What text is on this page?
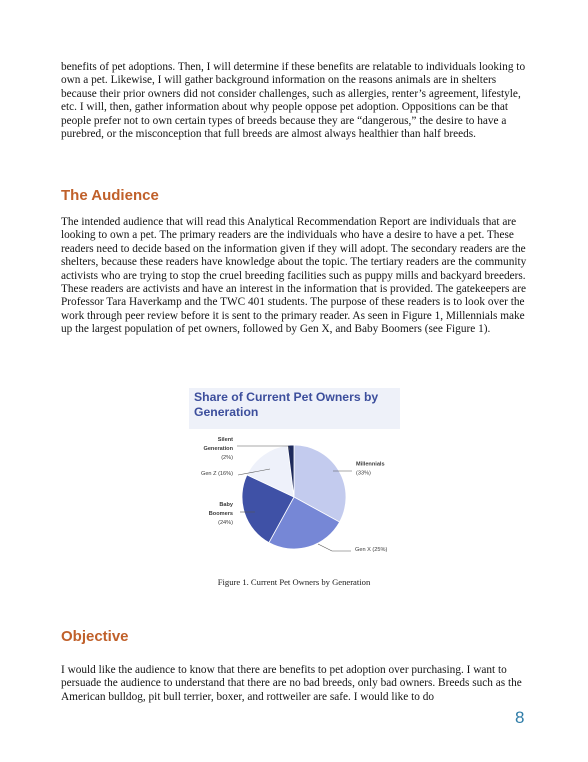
benefits of pet adoptions. Then, I will determine if these benefits are relatable to individuals looking to own a pet. Likewise, I will gather background information on the reasons animals are in shelters because their prior owners did not consider challenges, such as allergies, renter’s agreement, lifestyle, etc. I will, then, gather information about why people oppose pet adoption. Oppositions can be that people prefer not to own certain types of breeds because they are “dangerous,” the desire to have a purebred, or the misconception that full breeds are almost always healthier than half breeds.

The Audience

The intended audience that will read this Analytical Recommendation Report are individuals that are looking to own a pet. The primary readers are the individuals who have a desire to have a pet. These readers need to decide based on the information given if they will adopt. The secondary readers are the shelters, because these readers have knowledge about the topic. The tertiary readers are the community activists who are trying to stop the cruel breeding facilities such as puppy mills and backyard breeders. These readers are activists and have an interest in the information that is provided. The gatekeepers are Professor Tara Haverkamp and the TWC 401 students. The purpose of these readers is to look over the work through peer review before it is sent to the primary reader. As seen in Figure 1, Millennials make up the largest population of pet owners, followed by Gen X, and Baby Boomers (see Figure 1).

Share of Current Pet Owners by Generation

Millennials
(33%)
Gen X (25%)
Baby
Boomers
(24%)
Gen Z (16%)
Silent
Generation
(2%)

Figure 1. Current Pet Owners by Generation

Objective

I would like the audience to know that there are benefits to pet adoption over purchasing. I want to persuade the audience to understand that there are no bad breeds, only bad owners. Breeds such as the American bulldog, pit bull terrier, boxer, and rottweiler are safe. I would like to do

8
